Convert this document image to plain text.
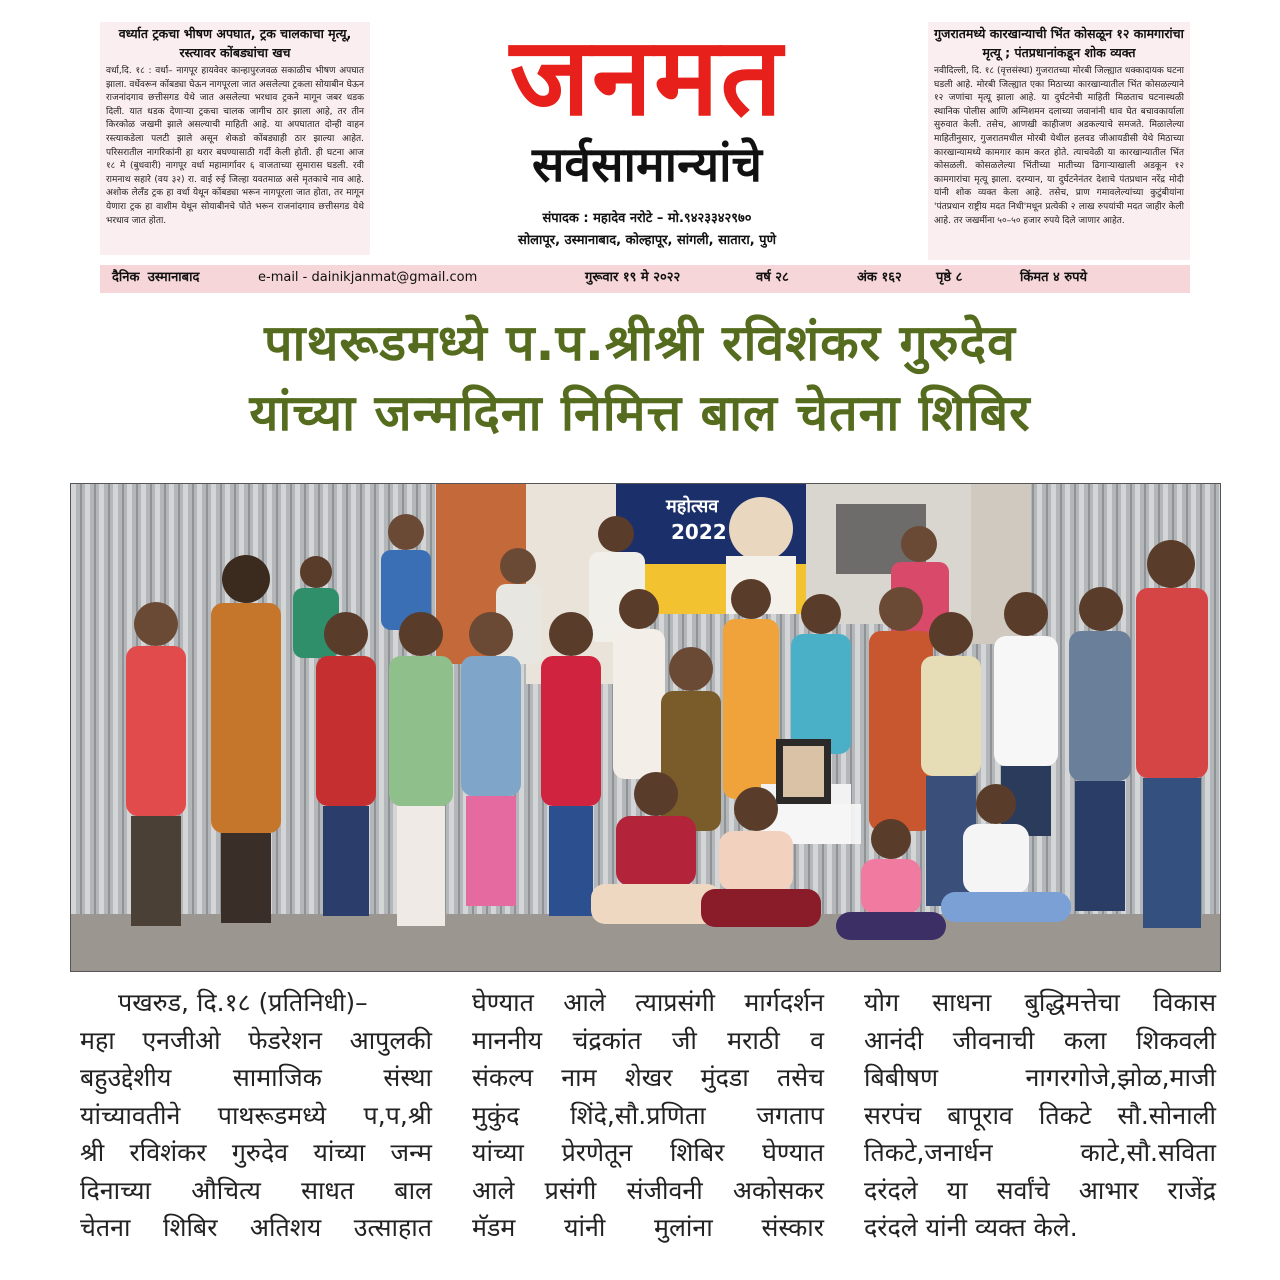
वर्ध्यात ट्रकचा भीषण अपघात, ट्रक चालकाचा मृत्यू, रस्त्यावर कोंबड्यांचा खच

वर्धा,दि. १८ : वर्धा– नागपूर हायवेवर कान्हापुरजवळ सकाळीच भीषण अपघात झाला. वर्धेवरून कोंबड्या घेऊन नागपूरला जात असलेल्या ट्रकला सोयाबीन घेऊन राजनांदगाव छत्तीसगड येथे जात असलेल्या भरधाव ट्रकने मागून जबर धडक दिली. यात धडक देणाऱ्या ट्रकचा चालक जागीच ठार झाला आहे, तर तीन किरकोळ जखमी झाले असल्याची माहिती आहे. या अपघातात दोन्ही वाहन रस्त्याकडेला पलटी झाले असून शेकडो कोंबड्याही ठार झाल्या आहेत. परिसरातील नागरिकांनी हा थरार बघण्यासाठी गर्दी केली होती. ही घटना आज १८ मे (बुधवारी) नागपूर वर्धा महामार्गावर ६ वाजताच्या सुमारास घडली. रवी रामनाथ सहारे (वय ३२) रा. वाई रुई जिल्हा यवतमाळ असे मृतकाचे नाव आहे. अशोक लेलँड ट्रक हा वर्धा येथून कोंबड्या भरून नागपूरला जात होता, तर मागून येणारा ट्रक हा वाशीम येथून सोयाबीनचे पोते भरून राजनांदगाव छत्तीसगड येथे भरधाव जात होता.

जनमत

सर्वसामान्यांचे

संपादक : महादेव नरोटे – मो.९४२३३४२९७०

सोलापूर, उस्मानाबाद, कोल्हापूर, सांगली, सातारा, पुणे

गुजरातमध्ये कारखान्याची भिंत कोसळून १२ कामगारांचा मृत्यू ; पंतप्रधानांकडून शोक व्यक्त

नवीदिल्ली, दि. १८ (वृत्तसंस्था) गुजरातच्या मोरबी जिल्ह्यात धक्कादायक घटना घडली आहे. मोरबी जिल्ह्यात एका मिठाच्या कारखान्यातील भिंत कोसळल्याने १२ जणांचा मृत्यू झाला आहे. या दुर्घटनेची माहिती मिळताच घटनास्थळी स्थानिक पोलीस आणि अग्निशमन दलाच्या जवानांनी धाव घेत बचावकार्याला सुरुवात केली. तसेच, आणखी काहीजण अडकल्याचे समजते. मिळालेल्या माहितीनुसार, गुजरातमधील मोरबी येथील हलवड जीआयडीसी येथे मिठाच्या कारखान्यामध्ये कामगार काम करत होते. त्याचवेळी या कारखान्यातील भिंत कोसळली. कोसळलेल्या भिंतीच्या मातीच्या ढिगाऱ्याखाली अडकून १२ कामगारांचा मृत्यू झाला. दरम्यान, या दुर्घटनेनंतर देशाचे पंतप्रधान नरेंद्र मोदी यांनी शोक व्यक्त केला आहे. तसेच, प्राण गमावलेल्यांच्या कुटुंबीयांना 'पंतप्रधान राष्ट्रीय मदत निधी'मधून प्रत्येकी २ लाख रुपयांची मदत जाहीर केली आहे. तर जखमींना ५०–५० हजार रुपये दिले जाणार आहेत.

दैनिक उस्मानाबाद	e-mail - dainikjanmat@gmail.com	गुरूवार १९ मे २०२२	वर्ष २८	अंक १६२	पृष्ठे ८	किंमत ४ रुपये

पाथरूडमध्ये प.प.श्रीश्री रविशंकर गुरुदेव

यांच्या जन्मदिना निमित्त बाल चेतना शिबिर

महोत्सव
2022

पखरुड, दि.१८ (प्रतिनिधी)–

महा एनजीओ फेडरेशन आपुलकी

बहुउद्देशीय सामाजिक संस्था

यांच्यावतीने पाथरूडमध्ये प,प,श्री

श्री रविशंकर गुरुदेव यांच्या जन्म

दिनाच्या औचित्य साधत बाल

चेतना शिबिर अतिशय उत्साहात

घेण्यात आले त्याप्रसंगी मार्गदर्शन

माननीय चंद्रकांत जी मराठी व

संकल्प नाम शेखर मुंदडा तसेच

मुकुंद शिंदे,सौ.प्रणिता जगताप

यांच्या प्रेरणेतून शिबिर घेण्यात

आले प्रसंगी संजीवनी अकोसकर

मॅडम यांनी मुलांना संस्कार

योग साधना बुद्धिमत्तेचा विकास

आनंदी जीवनाची कला शिकवली

बिबीषण नागरगोजे,झोळ,माजी

सरपंच बापूराव तिकटे सौ.सोनाली

तिकटे,जनार्धन काटे,सौ.सविता

दरंदले या सर्वांचे आभार राजेंद्र

दरंदले यांनी व्यक्त केले.
